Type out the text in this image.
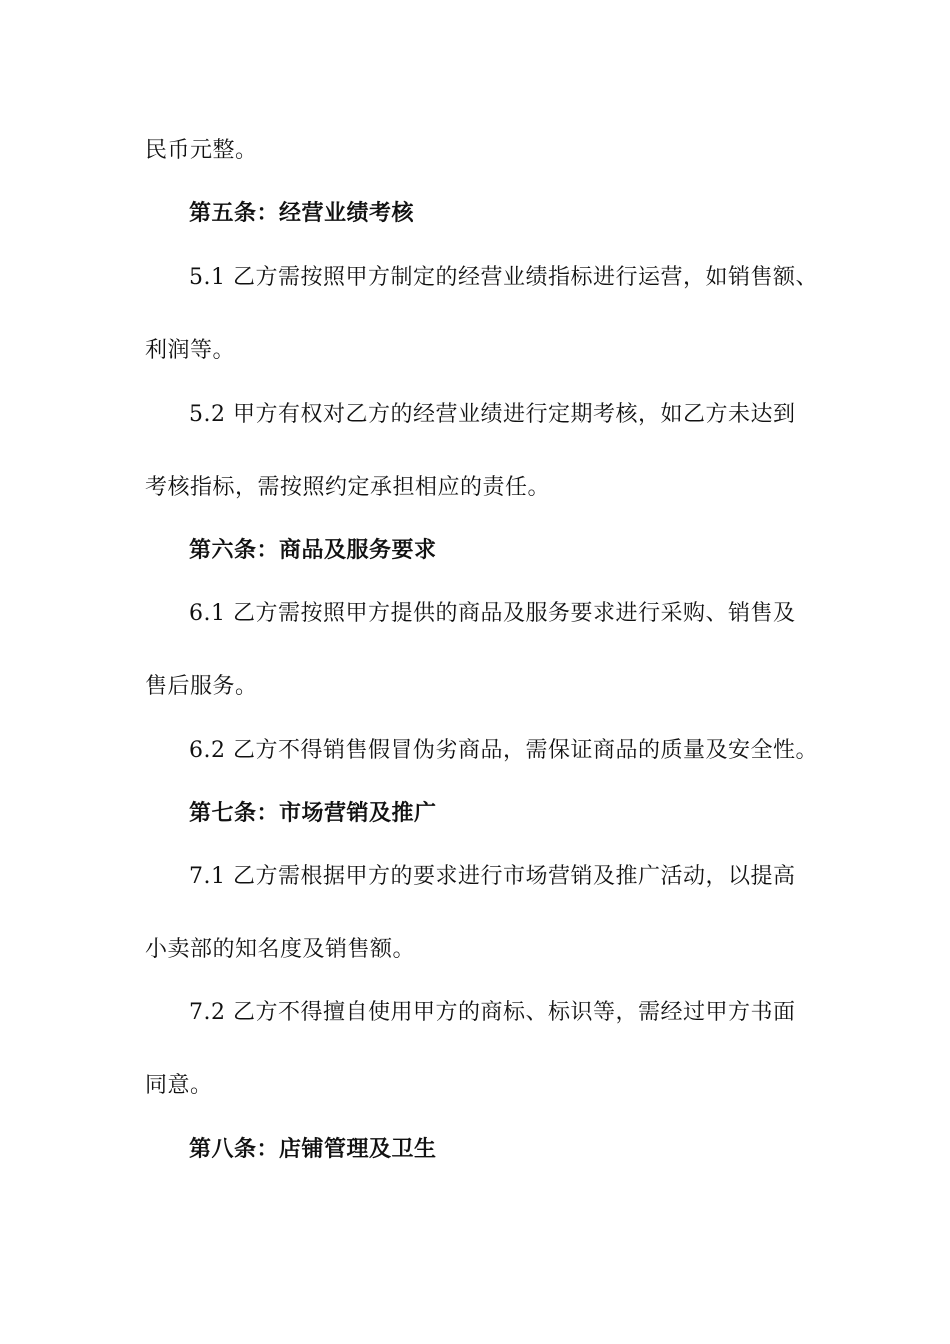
民币元整。
第五条：经营业绩考核
5.1 乙方需按照甲方制定的经营业绩指标进行运营，如销售额、
利润等。
5.2 甲方有权对乙方的经营业绩进行定期考核，如乙方未达到
考核指标，需按照约定承担相应的责任。
第六条：商品及服务要求
6.1 乙方需按照甲方提供的商品及服务要求进行采购、销售及
售后服务。
6.2 乙方不得销售假冒伪劣商品，需保证商品的质量及安全性。
第七条：市场营销及推广
7.1 乙方需根据甲方的要求进行市场营销及推广活动，以提高
小卖部的知名度及销售额。
7.2 乙方不得擅自使用甲方的商标、标识等，需经过甲方书面
同意。
第八条：店铺管理及卫生
